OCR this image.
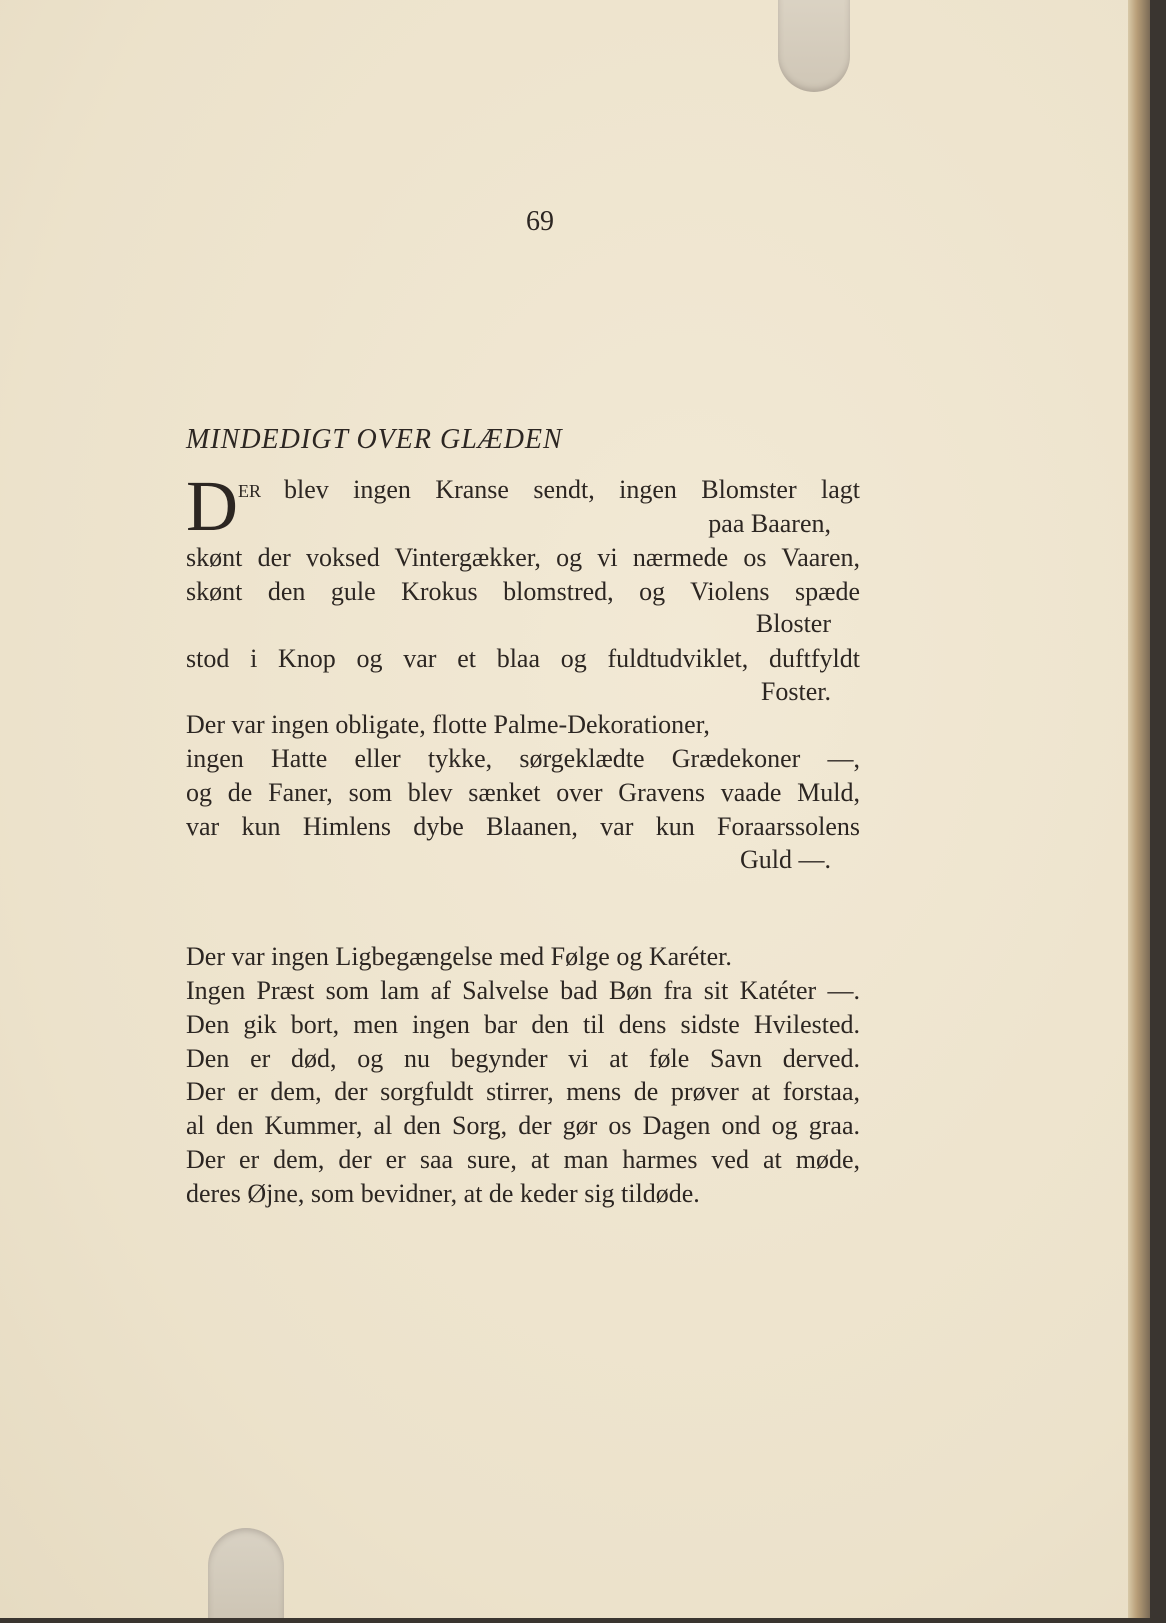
69
MINDEDIGT OVER GLÆDEN
D ER blev ingen Kranse sendt, ingen Blomster lagt
paa Baaren,
skønt der voksed Vintergækker, og vi nærmede os Vaaren,
skønt den gule Krokus blomstred, og Violens spæde
Bloster
stod i Knop og var et blaa og fuldtudviklet, duftfyldt
Foster.
Der var ingen obligate, flotte Palme-Dekorationer,
ingen Hatte eller tykke, sørgeklædte Grædekoner —,
og de Faner, som blev sænket over Gravens vaade Muld,
var kun Himlens dybe Blaanen, var kun Foraarssolens
Guld —.
Der var ingen Ligbegængelse med Følge og Karéter.
Ingen Præst som lam af Salvelse bad Bøn fra sit Katéter —.
Den gik bort, men ingen bar den til dens sidste Hvilested.
Den er død, og nu begynder vi at føle Savn derved.
Der er dem, der sorgfuldt stirrer, mens de prøver at forstaa,
al den Kummer, al den Sorg, der gør os Dagen ond og graa.
Der er dem, der er saa sure, at man harmes ved at møde,
deres Øjne, som bevidner, at de keder sig tildøde.
